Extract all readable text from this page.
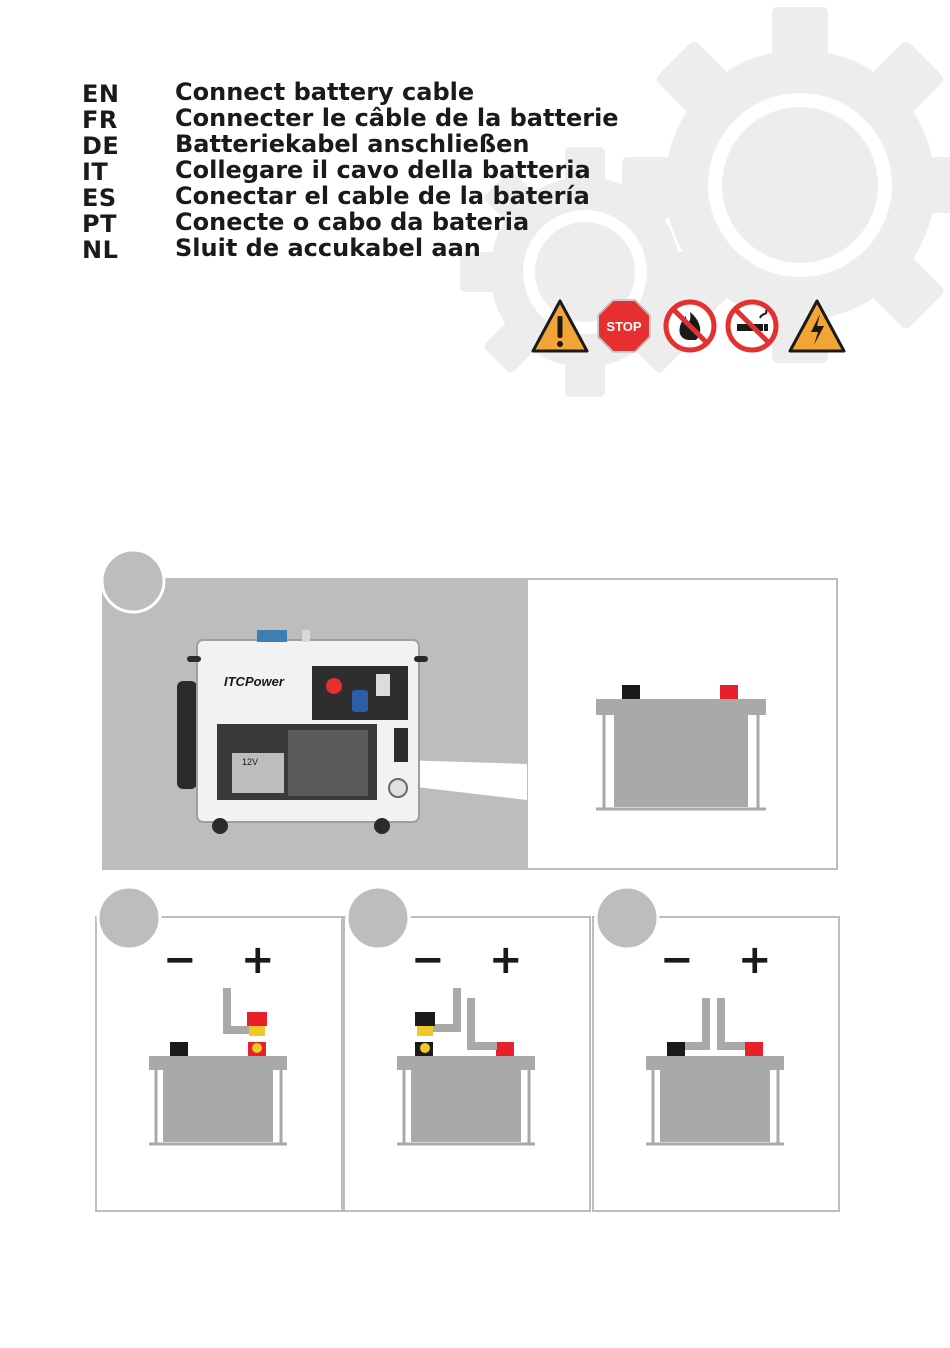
EN	Connect battery cable
FR	Connecter le câble de la batterie
DE	Batteriekabel anschließen
IT	Collegare il cavo della batteria
ES	Conectar el cable de la batería
PT	Conecte o cabo da bateria
NL	Sluit de accukabel aan
STOP
ITCPower
12V
− +	− +	− +
